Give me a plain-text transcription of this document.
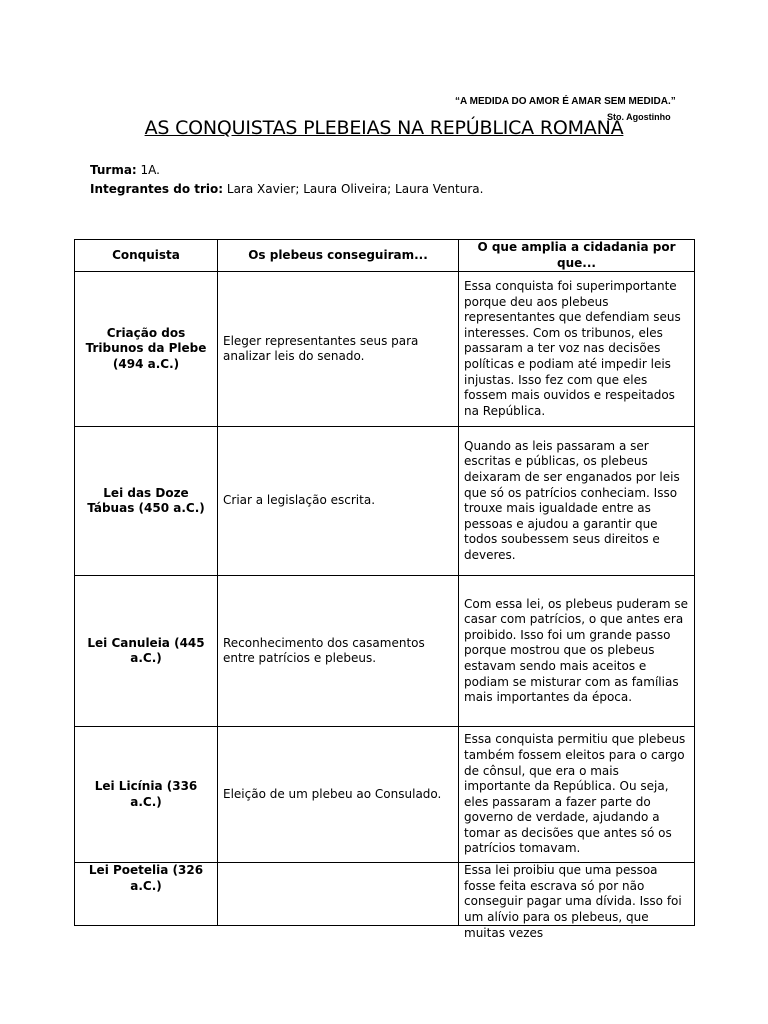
“A MEDIDA DO AMOR É AMAR SEM MEDIDA.”
Sto. Agostinho
AS CONQUISTAS PLEBEIAS NA REPÚBLICA ROMANA
Turma: 1A.
Integrantes do trio: Lara Xavier; Laura Oliveira; Laura Ventura.
Conquista	Os plebeus conseguiram...	O que amplia a cidadania por que...
Criação dos Tribunos da Plebe (494 a.C.)	Eleger representantes seus para analizar leis do senado.	Essa conquista foi superimportante porque deu aos plebeus representantes que defendiam seus interesses. Com os tribunos, eles passaram a ter voz nas decisões políticas e podiam até impedir leis injustas. Isso fez com que eles fossem mais ouvidos e respeitados na República.
Lei das Doze Tábuas (450 a.C.)	Criar a legislação escrita.	Quando as leis passaram a ser escritas e públicas, os plebeus deixaram de ser enganados por leis que só os patrícios conheciam. Isso trouxe mais igualdade entre as pessoas e ajudou a garantir que todos soubessem seus direitos e deveres.
Lei Canuleia (445 a.C.)	Reconhecimento dos casamentos entre patrícios e plebeus.	Com essa lei, os plebeus puderam se casar com patrícios, o que antes era proibido. Isso foi um grande passo porque mostrou que os plebeus estavam sendo mais aceitos e podiam se misturar com as famílias mais importantes da época.
Lei Licínia (336 a.C.)	Eleição de um plebeu ao Consulado.	Essa conquista permitiu que plebeus também fossem eleitos para o cargo de cônsul, que era o mais importante da República. Ou seja, eles passaram a fazer parte do governo de verdade, ajudando a tomar as decisões que antes só os patrícios tomavam.
Lei Poetelia (326 a.C.)		Essa lei proibiu que uma pessoa fosse feita escrava só por não conseguir pagar uma dívida. Isso foi um alívio para os plebeus, que muitas vezes
